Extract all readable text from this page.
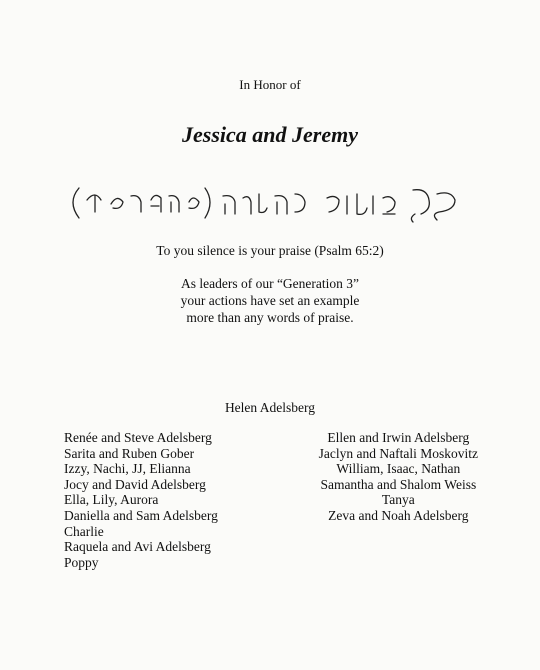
In Honor of
Jessica and Jeremy
To you silence is your praise (Psalm 65:2)
As leaders of our “Generation 3”
your actions have set an example
more than any words of praise.
Helen Adelsberg
Renée and Steve Adelsberg
Sarita and Ruben Gober
Izzy, Nachi, JJ, Elianna
Jocy and David Adelsberg
Ella, Lily, Aurora
Daniella and Sam Adelsberg
Charlie
Raquela and Avi Adelsberg
Poppy
Ellen and Irwin Adelsberg
Jaclyn and Naftali Moskovitz
William, Isaac, Nathan
Samantha and Shalom Weiss
Tanya
Zeva and Noah Adelsberg
